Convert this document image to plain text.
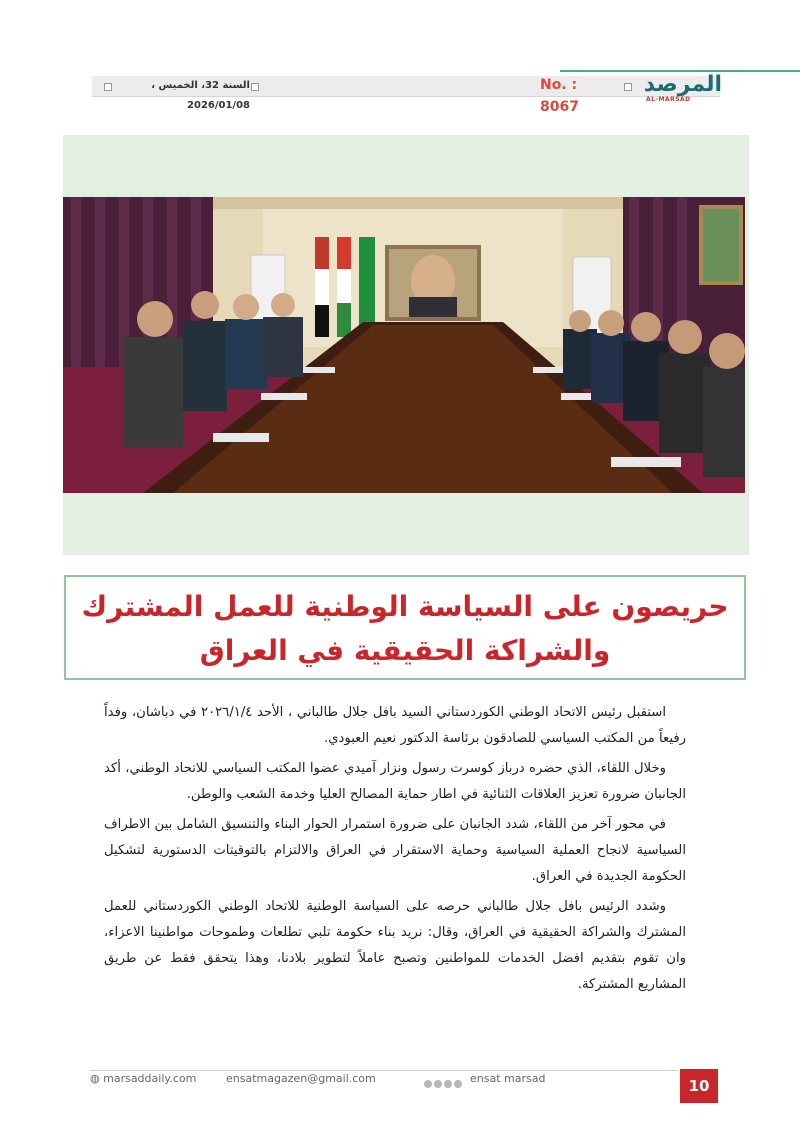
السنة 32، الخميس ، 2026/01/08
No. : 8067
المرصد
AL-MARSAD
حريصون على السياسة الوطنية للعمل المشترك
والشراكة الحقيقية في العراق

استقبل رئيس الاتحاد الوطني الكوردستاني السيد بافل جلال طالباني ، الأحد ٢٠٢٦/١/٤ في دباشان، وفداً رفيعاً من المكتب السياسي للصادقون برئاسة الدكتور نعيم العبودي.

وخلال اللقاء، الذي حضره درباز كوسرت رسول ونزار آميدي عضوا المكتب السياسي للاتحاد الوطني، أكد الجانبان ضرورة تعزيز العلاقات الثنائية في اطار حماية المصالح العليا وخدمة الشعب والوطن.

في محور آخر من اللقاء، شدد الجانبان على ضرورة استمرار الحوار البناء والتنسيق الشامل بين الاطراف السياسية لانجاح العملية السياسية وحماية الاستقرار في العراق والالتزام بالتوقيتات الدستورية لتشكيل الحكومة الجديدة في العراق.

وشدد الرئيس بافل جلال طالباني حرصه على السياسة الوطنية للاتحاد الوطني الكوردستاني للعمل المشترك والشراكة الحقيقية في العراق، وقال: نريد بناء حكومة تلبي تطلعات وطموحات مواطنينا الاعزاء، وان تقوم بتقديم افضل الخدمات للمواطنين وتصبح عاملاً لتطوير بلادنا، وهذا يتحقق فقط عن طريق المشاريع المشتركة.

◍ marsaddaily.com	ensatmagazen@gmail.com	ensat marsad	10
